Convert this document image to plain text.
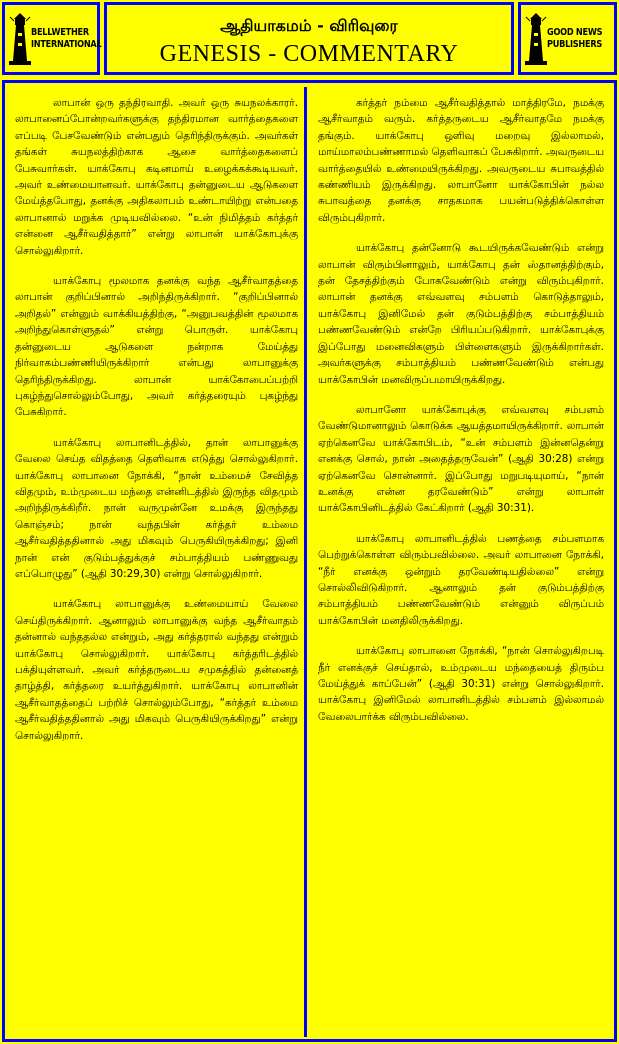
BELLWETHER
INTERNATIONAL
ஆதியாகமம் - விரிவுரை
GENESIS - COMMENTARY
GOOD NEWS
PUBLISHERS

லாபான் ஒரு தந்திரவாதி. அவர் ஒரு சுயநலக்காரர். லாபானைப்போன்றவர்களுக்கு தந்திரமான வார்த்தைகளை எப்படி பேசவேண்டும் என்பதும் தெரிந்திருக்கும். அவர்கள் தங்கள் சுயநலத்திற்காக ஆசை வார்த்தைகளைப் பேசுவார்கள். யாக்கோபு கடினமாய் உழைக்கக்கூடியவர். அவர் உண்மையானவர். யாக்கோபு தன்னுடைய ஆடுகளை மேய்த்தபோது, தனக்கு அதிகலாபம் உண்டாயிற்று என்பதை லாபானால் மறுக்க முடியவில்லை. “உன் நிமித்தம் கர்த்தர் என்னை ஆசீர்வதித்தார்” என்று லாபான் யாக்கோபுக்கு சொல்லுகிறார்.

யாக்கோபு மூலமாக தனக்கு வந்த ஆசீர்வாதத்தை லாபான் குறிப்பினால் அறிந்திருக்கிறார். “குறிப்பினால் அறிதல்” என்னும் வாக்கியத்திற்கு, “அனுபவத்தின் மூலமாக அறிந்துகொள்ளுதல்” என்று பொருள். யாக்கோபு தன்னுடைய ஆடுகளை நன்றாக மேய்த்து நிர்வாகம்பண்ணியிருக்கிறார் என்பது லாபானுக்கு தெரிந்திருக்கிறது. லாபான் யாக்கோபைப்பற்றி புகழ்ந்துசொல்லும்போது, அவர் கர்த்தரையும் புகழ்ந்து பேசுகிறார்.

யாக்கோபு லாபானிடத்தில், தான் லாபானுக்கு வேலை செய்த விதத்தை தெளிவாக எடுத்து சொல்லுகிறார். யாக்கோபு லாபானை நோக்கி, “நான் உம்மைச் சேவித்த விதமும், உம்முடைய மந்தை என்னிடத்தில் இருந்த விதமும் அறிந்திருக்கிறீர். நான் வருமுன்னே உமக்கு இருந்தது கொஞ்சம்; நான் வந்தபின் கர்த்தர் உம்மை ஆசீர்வதித்ததினால் அது மிகவும் பெருகியிருக்கிறது; இனி நான் என் குடும்பத்துக்குச் சம்பாத்தியம் பண்ணுவது எப்பொழுது” (ஆதி 30:29,30) என்று சொல்லுகிறார்.

யாக்கோபு லாபானுக்கு உண்மையாய் வேலை செய்திருக்கிறார். ஆனாலும் லாபானுக்கு வந்த ஆசீர்வாதம் தன்னால் வந்ததல்ல என்றும், அது கர்த்தரால் வந்தது என்றும் யாக்கோபு சொல்லுகிறார். யாக்கோபு கர்த்தரிடத்தில் பக்தியுள்ளவர். அவர் கர்த்தருடைய சமுகத்தில் தன்னைத் தாழ்த்தி, கர்த்தரை உயர்த்துகிறார். யாக்கோபு லாபானின் ஆசீர்வாதத்தைப் பற்றிச் சொல்லும்போது, “கர்த்தர் உம்மை ஆசீர்வதித்ததினால் அது மிகவும் பெருகியிருக்கிறது” என்று சொல்லுகிறார்.

கர்த்தர் நம்மை ஆசீர்வதித்தால் மாத்திரமே, நமக்கு ஆசீர்வாதம் வரும். கர்த்தருடைய ஆசீர்வாதமே நமக்கு தங்கும். யாக்கோபு ஒளிவு மறைவு இல்லாமல், மாய்மாலம்பண்ணாமல் தெளிவாகப் பேசுகிறார். அவருடைய வார்த்தையில் உண்மையிருக்கிறது. அவருடைய சுபாவத்தில் கண்ணியம் இருக்கிறது. லாபானோ யாக்கோபின் நல்ல சுபாவத்தை தனக்கு சாதகமாக பயன்படுத்திக்கொள்ள விரும்புகிறார்.

யாக்கோபு தன்னோடு கூடயிருக்கவேண்டும் என்று லாபான் விரும்பினாலும், யாக்கோபு தன் ஸ்தானத்திற்கும், தன் தேசத்திற்கும் போகவேண்டும் என்று விரும்புகிறார். லாபான் தனக்கு எவ்வளவு சம்பளம் கொடுத்தாலும், யாக்கோபு இனிமேல் தன் குடும்பத்திற்கு சம்பாத்தியம் பண்ணவேண்டும் என்றே பிரியப்படுகிறார். யாக்கோபுக்கு இப்போது மனைவிகளும் பிள்ளைகளும் இருக்கிறார்கள். அவர்களுக்கு சம்பாத்தியம் பண்ணவேண்டும் என்பது யாக்கோபின் மனவிருப்பமாயிருக்கிறது.

லாபானோ யாக்கோபுக்கு எவ்வளவு சம்பளம் வேண்டுமானாலும் கொடுக்க ஆயத்தமாயிருக்கிறார். லாபான் ஏற்கெனவே யாக்கோபிடம், “உன் சம்பளம் இன்னதென்று எனக்கு சொல், நான் அதைத்தருவேன்” (ஆதி 30:28) என்று ஏற்கெனவே சொன்னார். இப்போது மறுபடியுமாய், “நான் உனக்கு என்ன தரவேண்டும்” என்று லாபான் யாக்கோபினிடத்தில் கேட்கிறார் (ஆதி 30:31).

யாக்கோபு லாபானிடத்தில் பணத்தை சம்பளமாக பெற்றுக்கொள்ள விரும்பவில்லை. அவர் லாபானை நோக்கி, “நீர் எனக்கு ஒன்றும் தரவேண்டியதில்லை” என்று சொல்லிவிடுகிறார். ஆனாலும் தன் குடும்பத்திற்கு சம்பாத்தியம் பண்ணவேண்டும் என்னும் விருப்பம் யாக்கோபின் மனதிலிருக்கிறது.

யாக்கோபு லாபானை நோக்கி, “நான் சொல்லுகிறபடி நீர் எனக்குச் செய்தால், உம்முடைய மந்தையைத் திரும்ப மேய்த்துக் காப்பேன்” (ஆதி 30:31) என்று சொல்லுகிறார். யாக்கோபு இனிமேல் லாபானிடத்தில் சம்பளம் இல்லாமல் வேலைபார்க்க விரும்பவில்லை.
